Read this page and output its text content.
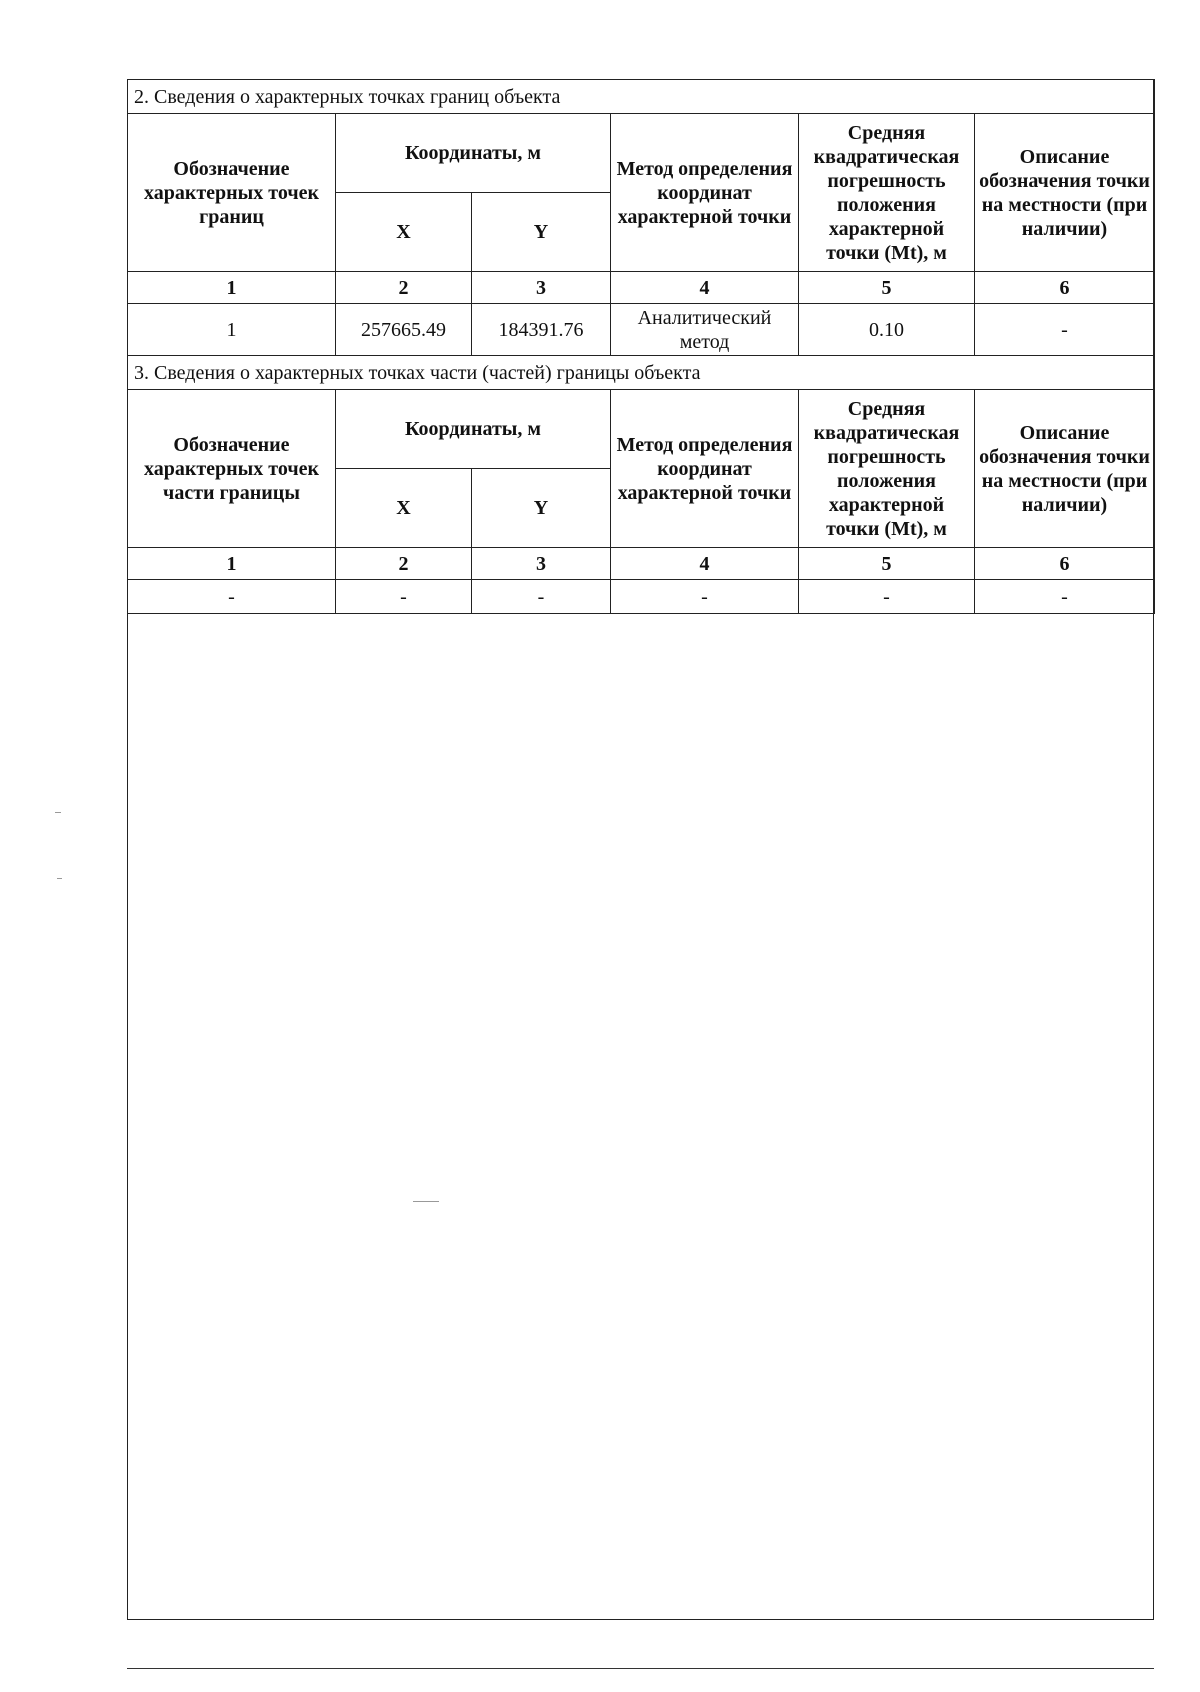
2. Сведения о характерных точках границ объекта					
Обозначение характерных точек границ	Координаты, м		Метод определения координат характерной точки	Средняя квадратическая погрешность положения характерной точки (Mt), м	Описание обозначения точки на местности (при наличии)
	X	Y			
1	2	3	4	5	6
1	257665.49	184391.76	Аналитический метод	0.10	-
3. Сведения о характерных точках части (частей) границы объекта					
Обозначение характерных точек части границы	Координаты, м		Метод определения координат характерной точки	Средняя квадратическая погрешность положения характерной точки (Mt), м	Описание обозначения точки на местности (при наличии)
	X	Y			
1	2	3	4	5	6
-	-	-	-	-	-
